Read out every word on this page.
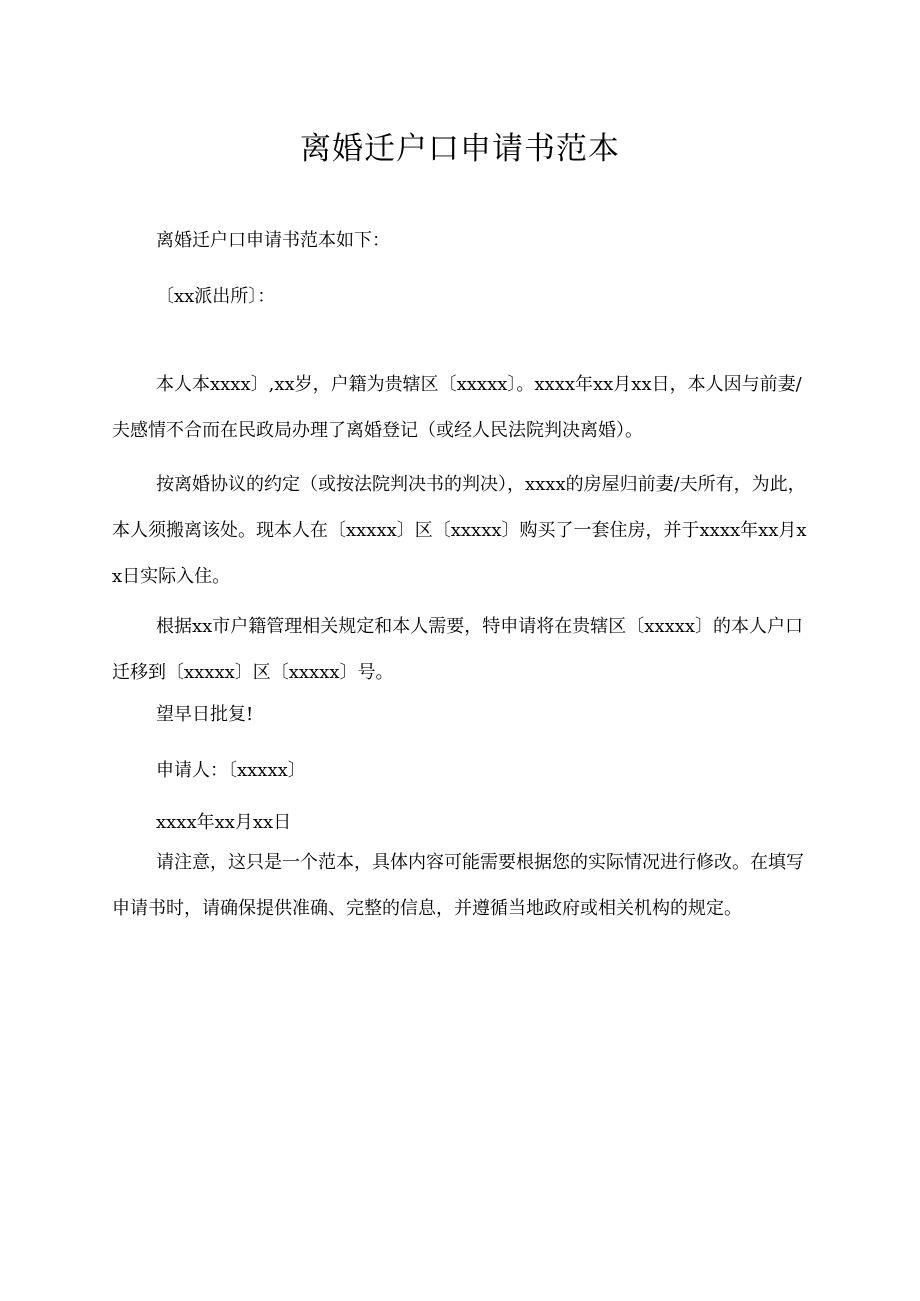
离婚迁户口申请书范本

离婚迁户口申请书范本如下：

〔xx派出所〕：

本人本xxxx〕,xx岁，户籍为贵辖区〔xxxxx〕。xxxx年xx月xx日，本人因与前妻/夫感情不合而在民政局办理了离婚登记（或经人民法院判决离婚）。

按离婚协议的约定（或按法院判决书的判决），xxxx的房屋归前妻/夫所有，为此，本人须搬离该处。现本人在〔xxxxx〕区〔xxxxx〕购买了一套住房，并于xxxx年xx月xx日实际入住。

根据xx市户籍管理相关规定和本人需要，特申请将在贵辖区〔xxxxx〕的本人户口迁移到〔xxxxx〕区〔xxxxx〕号。

望早日批复!

申请人：〔xxxxx〕

xxxx年xx月xx日

请注意，这只是一个范本，具体内容可能需要根据您的实际情况进行修改。在填写申请书时，请确保提供准确、完整的信息，并遵循当地政府或相关机构的规定。
